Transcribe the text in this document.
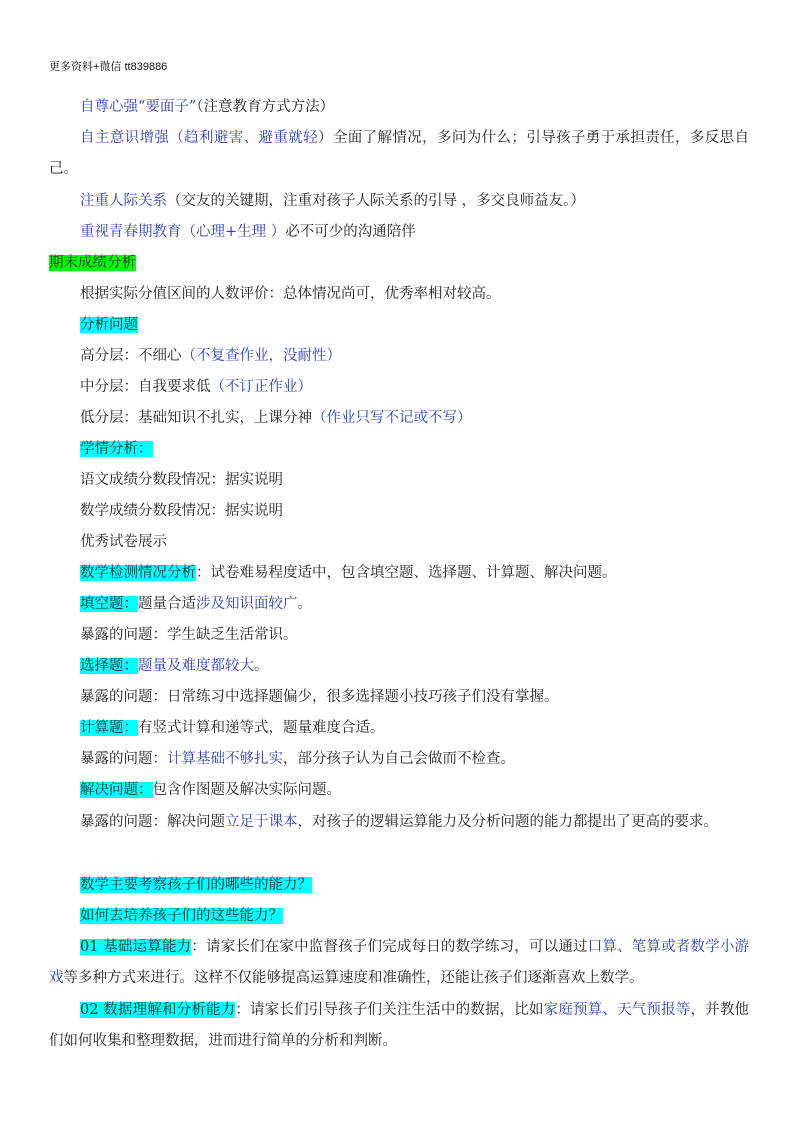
更多资料+微信 tt839886

自尊心强“要面子”（注意教育方式方法）

自主意识增强（趋利避害、避重就轻）全面了解情况，多问为什么；引导孩子勇于承担责任，多反思自己。

注重人际关系（交友的关键期，注重对孩子人际关系的引导 ，多交良师益友。）

重视青春期教育（心理+生理 ）必不可少的沟通陪伴

期末成绩分析

根据实际分值区间的人数评价：总体情况尚可，优秀率相对较高。

分析问题

高分层：不细心（不复查作业，没耐性）

中分层：自我要求低（不订正作业）

低分层：基础知识不扎实，上课分神（作业只写不记或不写）

学情分析：

语文成绩分数段情况：据实说明

数学成绩分数段情况：据实说明

优秀试卷展示

数学检测情况分析：试卷难易程度适中，包含填空题、选择题、计算题、解决问题。

填空题：题量合适涉及知识面较广。

暴露的问题：学生缺乏生活常识。

选择题：题量及难度都较大。

暴露的问题：日常练习中选择题偏少，很多选择题小技巧孩子们没有掌握。

计算题：有竖式计算和递等式，题量难度合适。

暴露的问题：计算基础不够扎实，部分孩子认为自己会做而不检查。

解决问题：包含作图题及解决实际问题。

暴露的问题：解决问题立足于课本，对孩子的逻辑运算能力及分析问题的能力都提出了更高的要求。

数学主要考察孩子们的哪些的能力？

如何去培养孩子们的这些能力？

01 基础运算能力：请家长们在家中监督孩子们完成每日的数学练习，可以通过口算、笔算或者数学小游戏等多种方式来进行。这样不仅能够提高运算速度和准确性，还能让孩子们逐渐喜欢上数学。

02 数据理解和分析能力：请家长们引导孩子们关注生活中的数据，比如家庭预算、天气预报等，并教他们如何收集和整理数据，进而进行简单的分析和判断。
